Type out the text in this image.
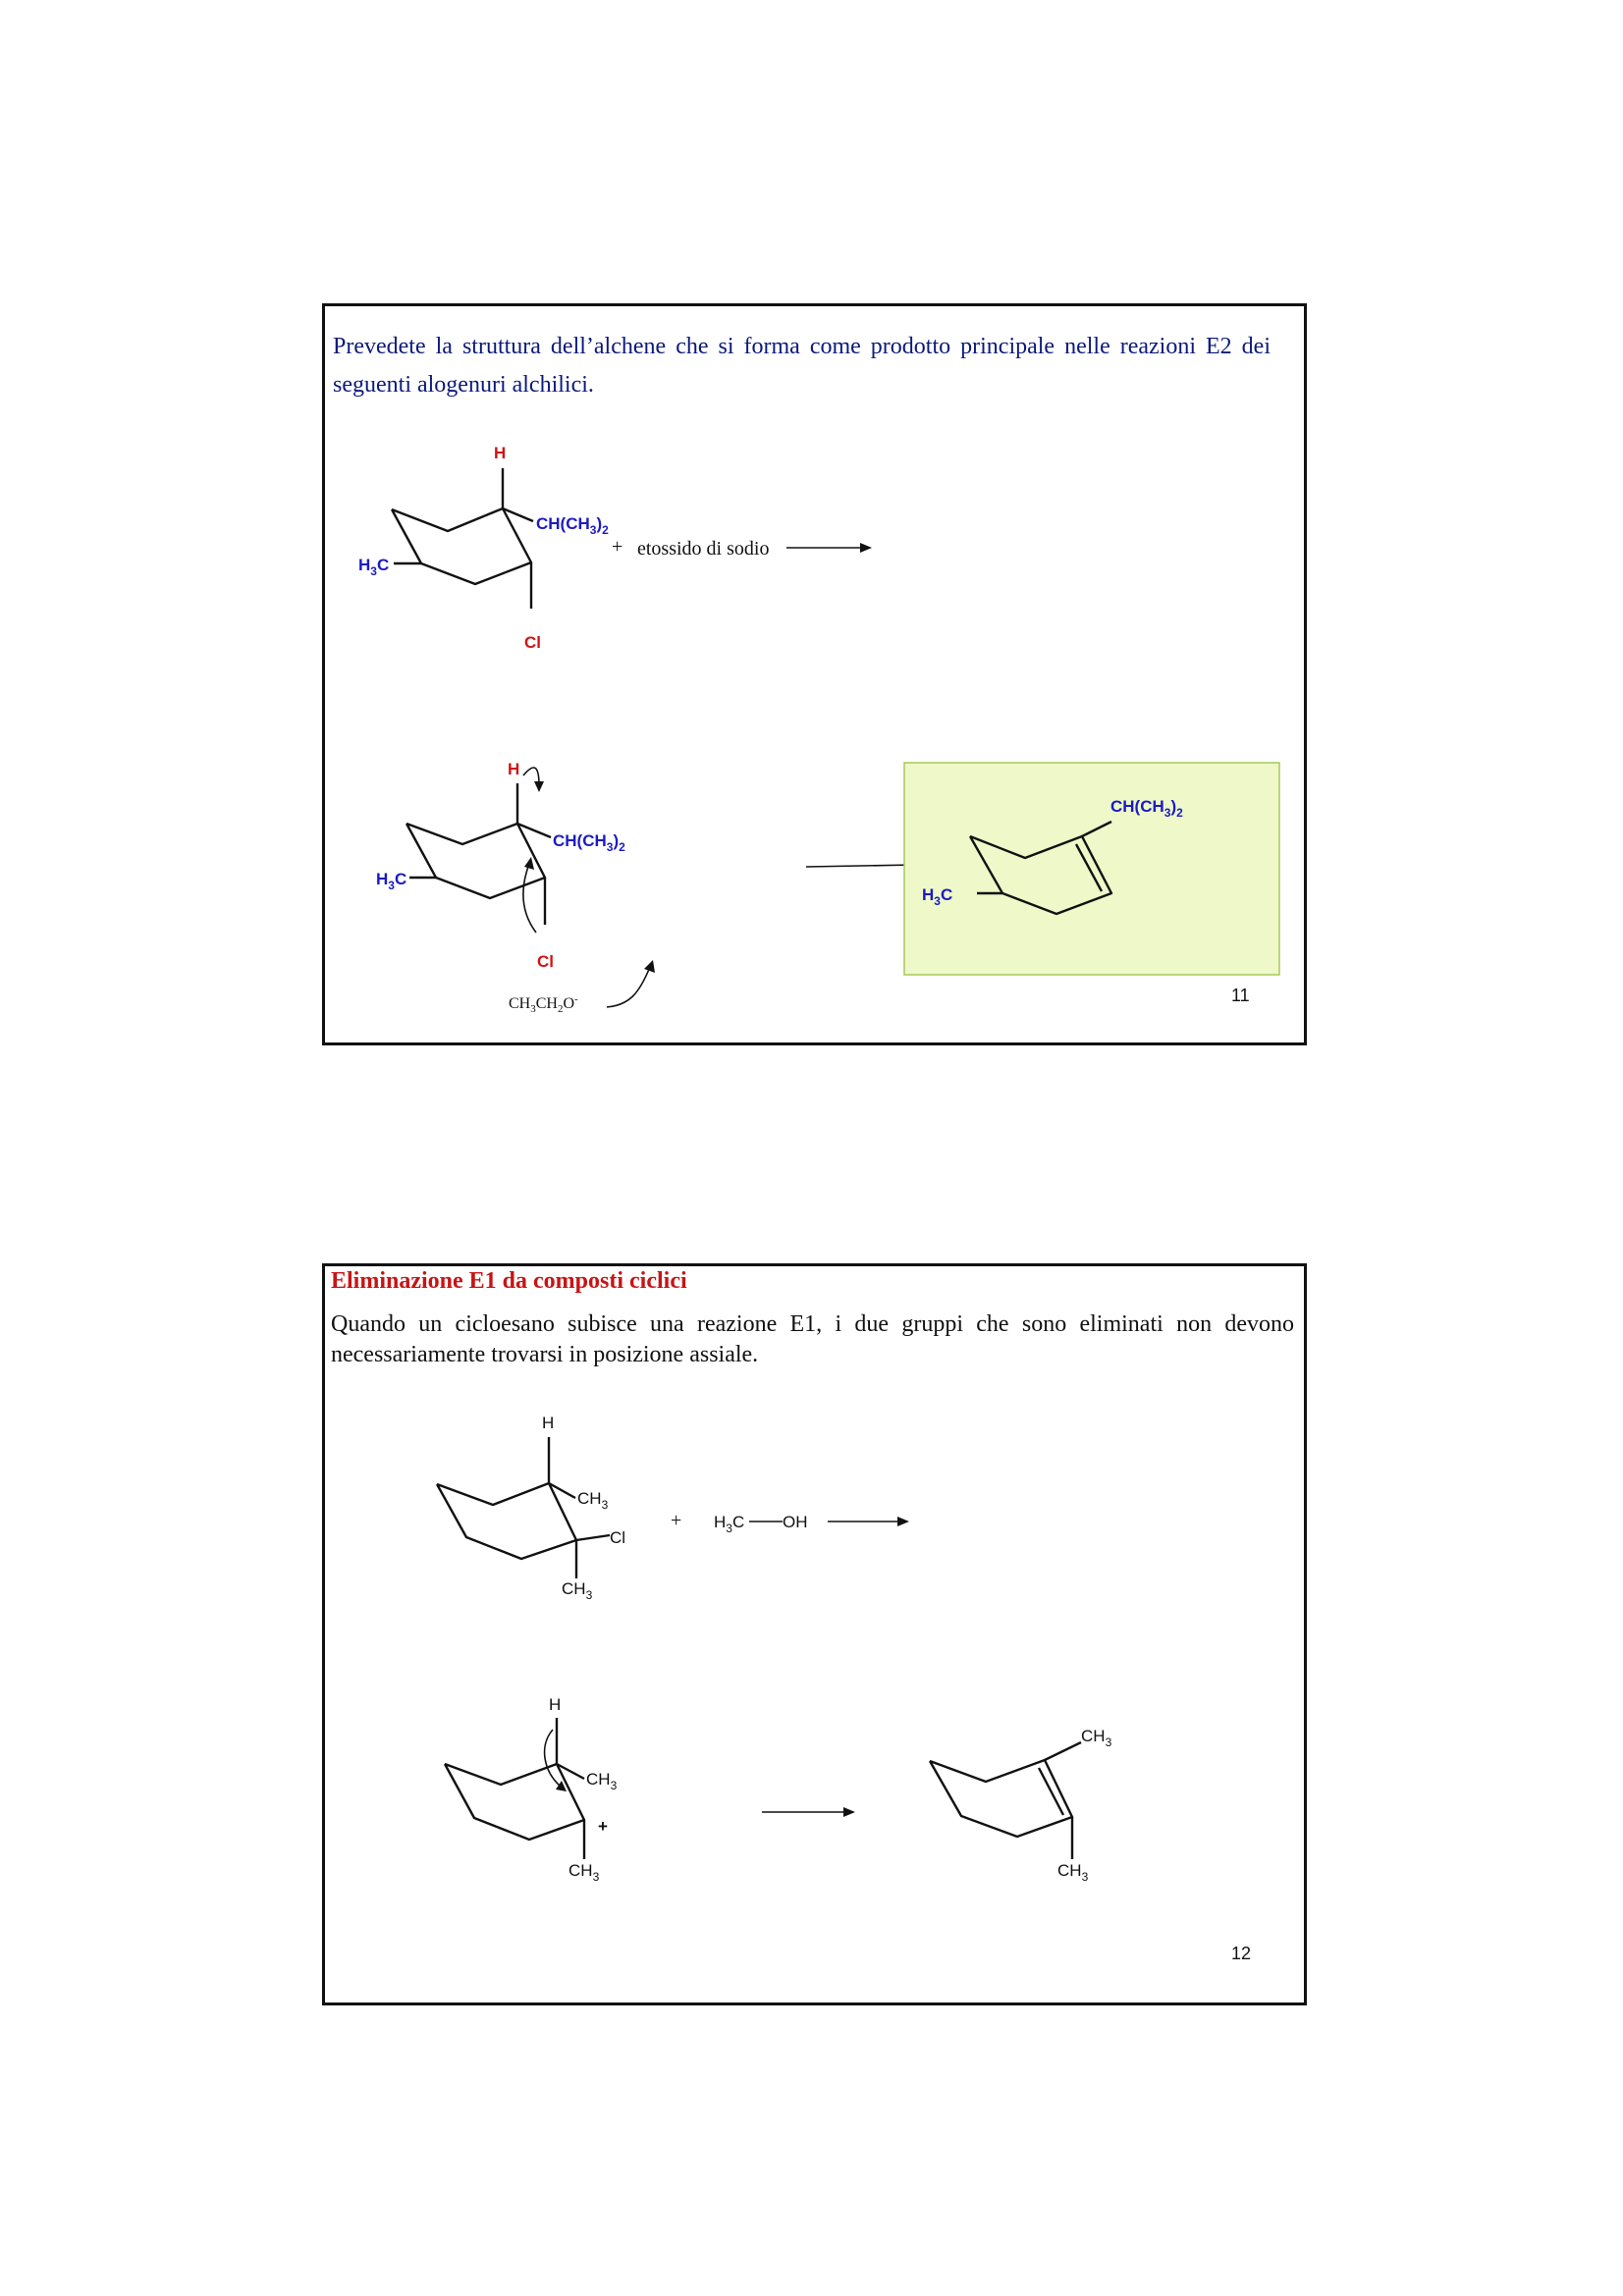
Prevedete la struttura dell’alchene che si forma come prodotto principale nelle reazioni E2 dei seguenti alogenuri alchilici.
H
$CH(CH_3)_2$
$H_3C$
Cl
+ etossido di sodio
H
$CH(CH_3)_2$
$H_3C$
Cl
$CH_3CH_2O^-$
$CH(CH_3)_2$
$H_3C$
11
Eliminazione E1 da composti ciclici
Quando un cicloesano subisce una reazione E1, i due gruppi che sono eliminati non devono necessariamente trovarsi in posizione assiale.
H
$CH_3$
Cl
$CH_3$
+ $H_3C$ OH
H
$CH_3$
+
$CH_3$
$CH_3$
$CH_3$
12
